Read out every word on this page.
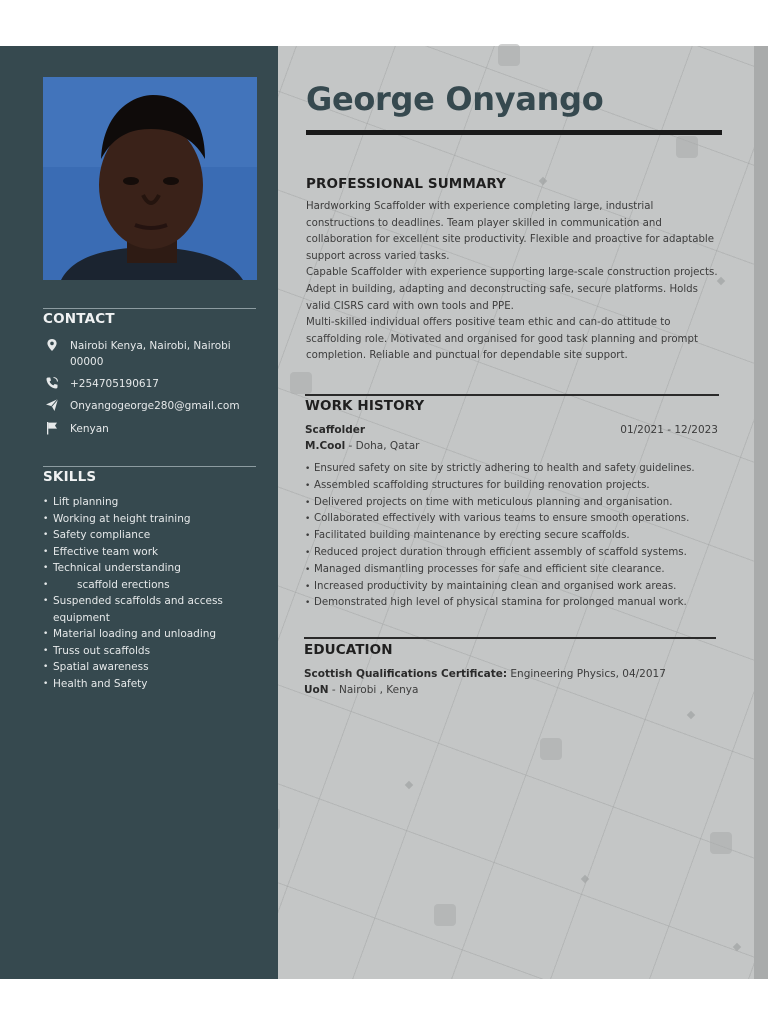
CONTACT
Nairobi Kenya, Nairobi, Nairobi 00000
+254705190617
Onyangogeorge280@gmail.com
Kenyan
SKILLS
• Lift planning
• Working at height training
• Safety compliance
• Effective team work
• Technical understanding
• scaffold erections
• Suspended scaffolds and access equipment
• Material loading and unloading
• Truss out scaffolds
• Spatial awareness
• Health and Safety
George Onyango
PROFESSIONAL SUMMARY

Hardworking Scaffolder with experience completing large, industrial constructions to deadlines. Team player skilled in communication and collaboration for excellent site productivity. Flexible and proactive for adaptable support across varied tasks.

Capable Scaffolder with experience supporting large-scale construction projects. Adept in building, adapting and deconstructing safe, secure platforms. Holds valid CISRS card with own tools and PPE.

Multi-skilled individual offers positive team ethic and can-do attitude to scaffolding role. Motivated and organised for good task planning and prompt completion. Reliable and punctual for dependable site support.

WORK HISTORY
Scaffolder	01/2021 - 12/2023
M.Cool - Doha, Qatar
• Ensured safety on site by strictly adhering to health and safety guidelines.
• Assembled scaffolding structures for building renovation projects.
• Delivered projects on time with meticulous planning and organisation.
• Collaborated effectively with various teams to ensure smooth operations.
• Facilitated building maintenance by erecting secure scaffolds.
• Reduced project duration through efficient assembly of scaffold systems.
• Managed dismantling processes for safe and efficient site clearance.
• Increased productivity by maintaining clean and organised work areas.
• Demonstrated high level of physical stamina for prolonged manual work.
EDUCATION
Scottish Qualifications Certificate: Engineering Physics, 04/2017
UoN - Nairobi , Kenya
